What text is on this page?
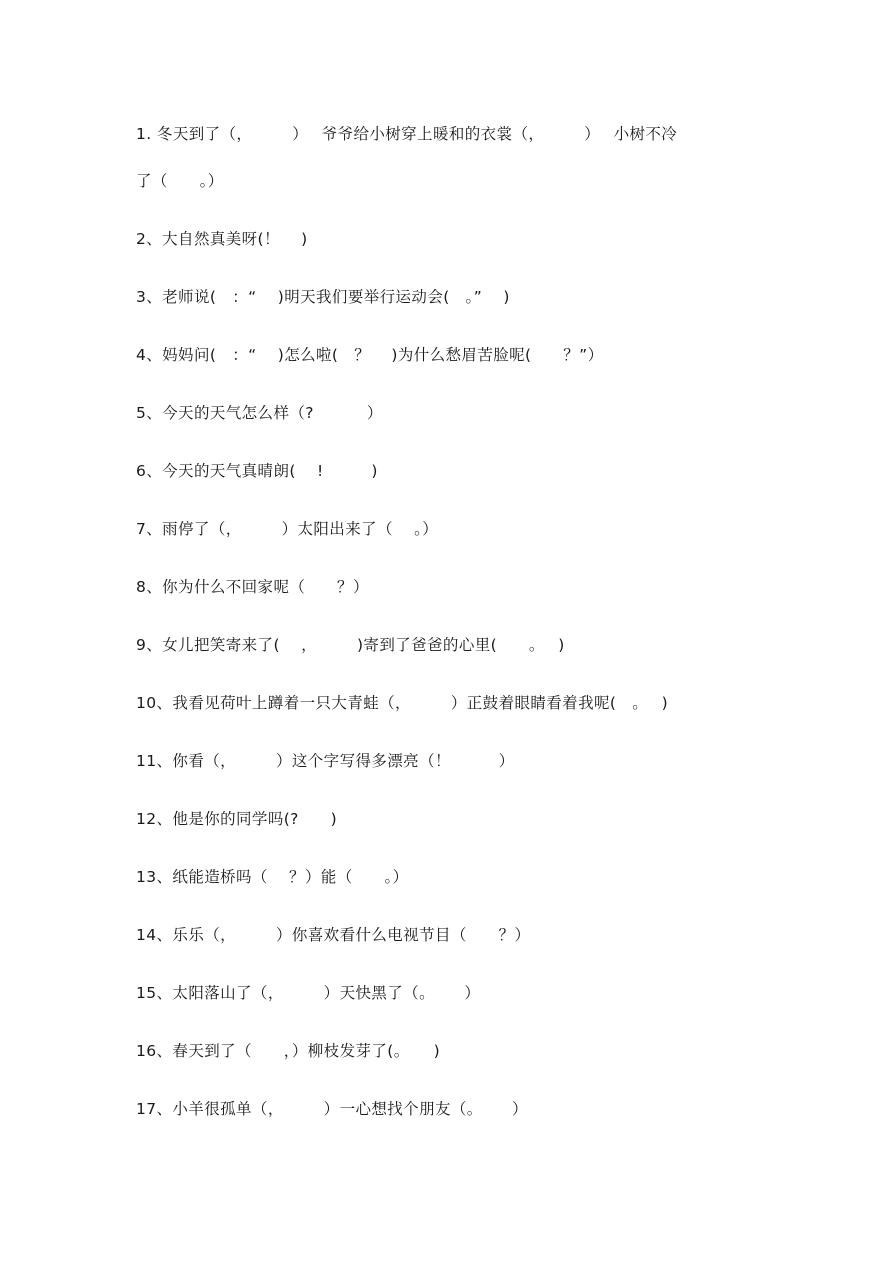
1. 冬天到了（，　　　）　 爷爷给小树穿上暖和的衣裳（，　　　）　 小树不冷
了（　　。）
2、大自然真美呀(！　 )
3、老师说(　：“　 )明天我们要举行运动会(　。”　 )
4、妈妈问(　：“　 )怎么啦(　？　 )为什么愁眉苦脸呢(　　？”）
5、今天的天气怎么样（?　　　 ）
6、今天的天气真晴朗(　 !　　　)
7、雨停了（，　　　）太阳出来了（　 。）
8、你为什么不回家呢（　　？）
9、女儿把笑寄来了(　 ，　　　)寄到了爸爸的心里(　　。　 )
10、我看见荷叶上蹲着一只大青蛙（，　　　）正鼓着眼睛看着我呢(　。　 )
11、你看（，　　　）这个字写得多漂亮（！　　　）
12、他是你的同学吗(?　　)
13、纸能造桥吗（　 ？）能（　　。）
14、乐乐（，　　　）你喜欢看什么电视节目（　　？）
15、太阳落山了（，　　　）天快黑了（。　　 ）
16、春天到了（　　，）柳枝发芽了(。　　)
17、小羊很孤单（，　　　）一心想找个朋友（。　　 ）
